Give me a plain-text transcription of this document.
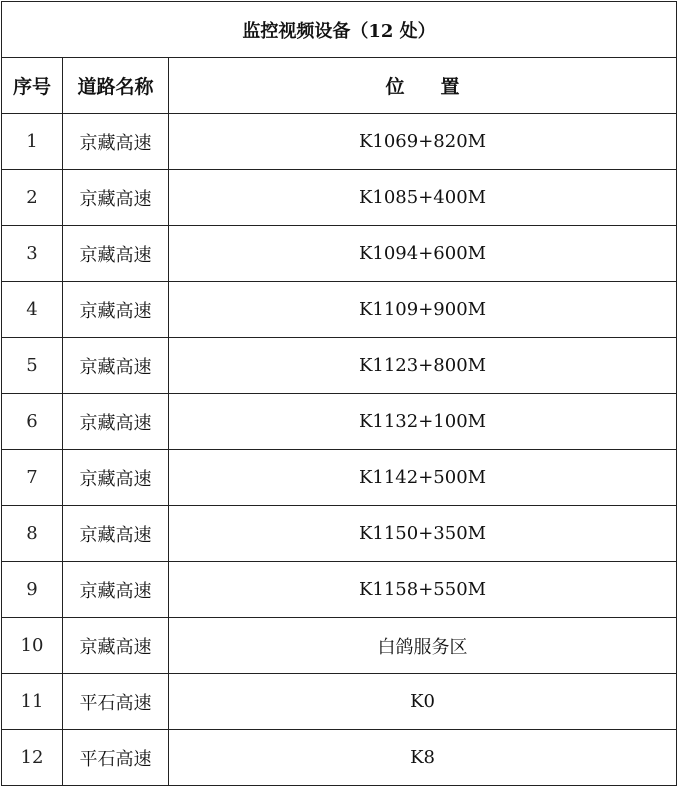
监控视频设备（12 处）		
序号	道路名称	位 置
1	京藏高速	K1069+820M
2	京藏高速	K1085+400M
3	京藏高速	K1094+600M
4	京藏高速	K1109+900M
5	京藏高速	K1123+800M
6	京藏高速	K1132+100M
7	京藏高速	K1142+500M
8	京藏高速	K1150+350M
9	京藏高速	K1158+550M
10	京藏高速	白鸽服务区
11	平石高速	K0
12	平石高速	K8
